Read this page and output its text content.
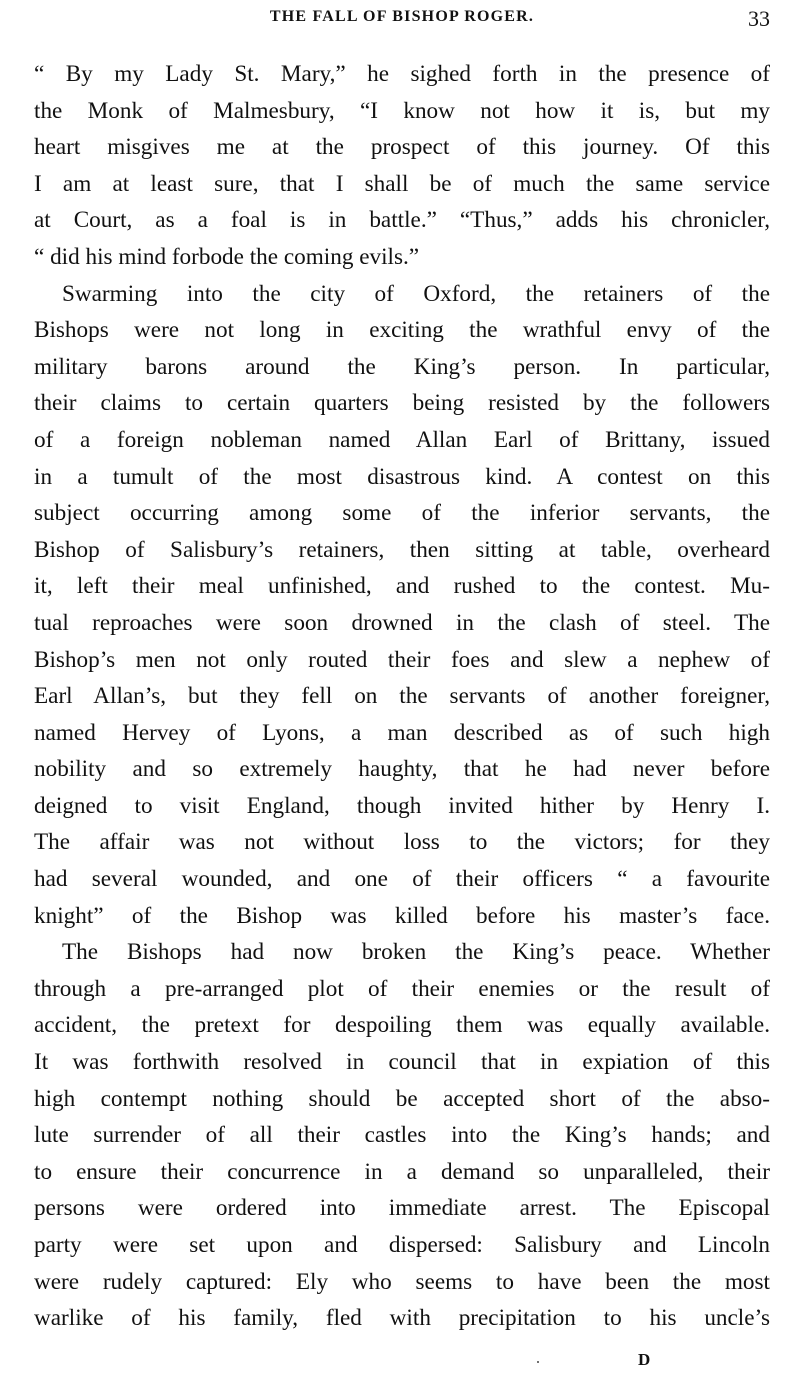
THE FALL OF BISHOP ROGER.	33
“ By my Lady St. Mary,” he sighed forth in the presence of
the Monk of Malmesbury, “I know not how it is, but my
heart misgives me at the prospect of this journey. Of this
I am at least sure, that I shall be of much the same service
at Court, as a foal is in battle.” “Thus,” adds his chronicler,
“ did his mind forbode the coming evils.”
Swarming into the city of Oxford, the retainers of the
Bishops were not long in exciting the wrathful envy of the
military barons around the King’s person. In particular,
their claims to certain quarters being resisted by the followers
of a foreign nobleman named Allan Earl of Brittany, issued
in a tumult of the most disastrous kind. A contest on this
subject occurring among some of the inferior servants, the
Bishop of Salisbury’s retainers, then sitting at table, overheard
it, left their meal unfinished, and rushed to the contest. Mu-
tual reproaches were soon drowned in the clash of steel. The
Bishop’s men not only routed their foes and slew a nephew of
Earl Allan’s, but they fell on the servants of another foreigner,
named Hervey of Lyons, a man described as of such high
nobility and so extremely haughty, that he had never before
deigned to visit England, though invited hither by Henry I.
The affair was not without loss to the victors; for they
had several wounded, and one of their officers “ a favourite
knight” of the Bishop was killed before his master’s face.
The Bishops had now broken the King’s peace. Whether
through a pre-arranged plot of their enemies or the result of
accident, the pretext for despoiling them was equally available.
It was forthwith resolved in council that in expiation of this
high contempt nothing should be accepted short of the abso-
lute surrender of all their castles into the King’s hands; and
to ensure their concurrence in a demand so unparalleled, their
persons were ordered into immediate arrest. The Episcopal
party were set upon and dispersed: Salisbury and Lincoln
were rudely captured: Ely who seems to have been the most
warlike of his family, fled with precipitation to his uncle’s
D
